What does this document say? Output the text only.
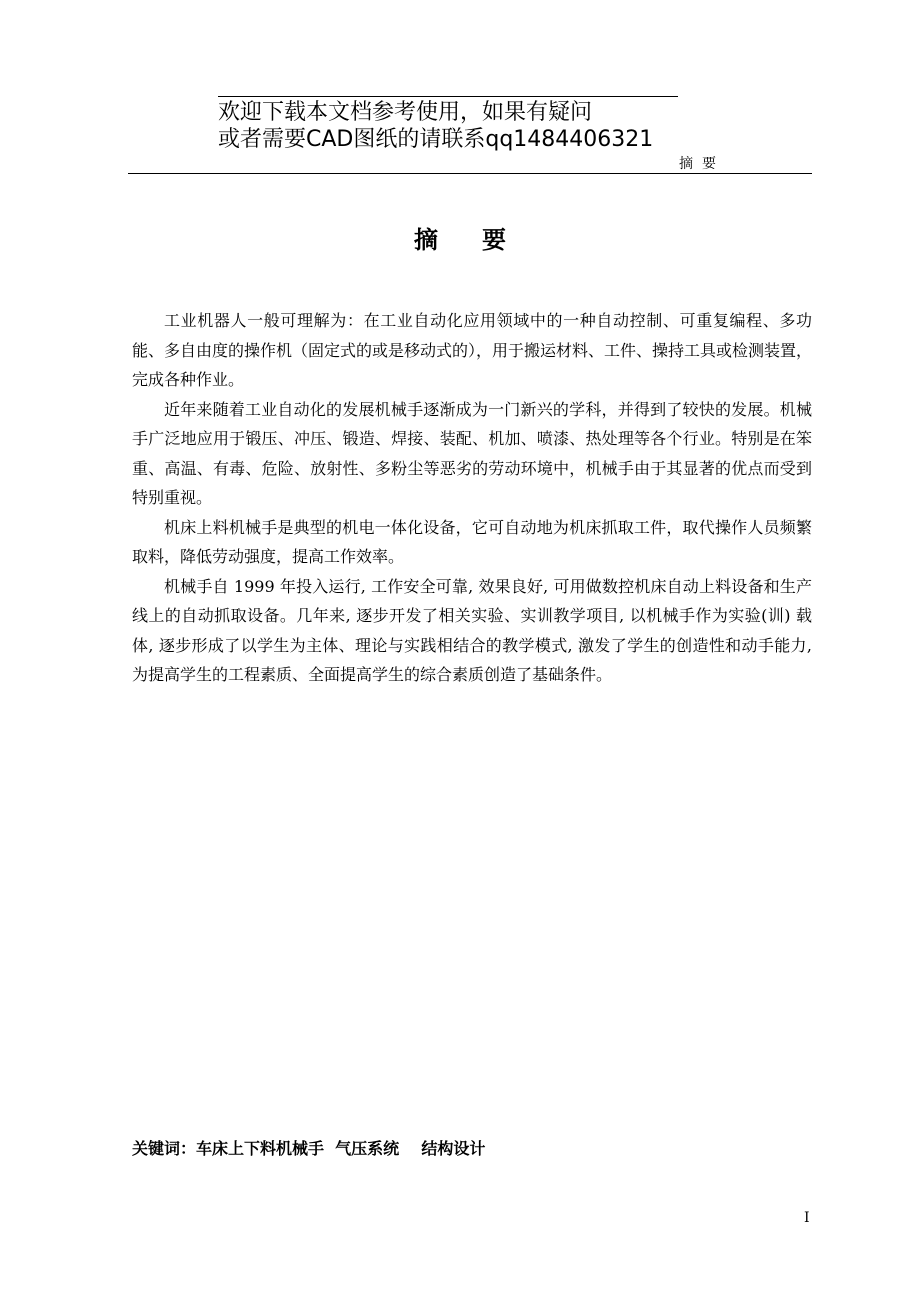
欢迎下载本文档参考使用，如果有疑问
或者需要CAD图纸的请联系qq1484406321
摘要
摘要

工业机器人一般可理解为：在工业自动化应用领域中的一种自动控制、可重复编程、多功能、多自由度的操作机（固定式的或是移动式的），用于搬运材料、工件、操持工具或检测装置，完成各种作业。

近年来随着工业自动化的发展机械手逐渐成为一门新兴的学科，并得到了较快的发展。机械手广泛地应用于锻压、冲压、锻造、焊接、装配、机加、喷漆、热处理等各个行业。特别是在笨重、高温、有毒、危险、放射性、多粉尘等恶劣的劳动环境中，机械手由于其显著的优点而受到特别重视。

机床上料机械手是典型的机电一体化设备，它可自动地为机床抓取工件，取代操作人员频繁取料，降低劳动强度，提高工作效率。

机械手自 1999 年投入运行, 工作安全可靠, 效果良好, 可用做数控机床自动上料设备和生产线上的自动抓取设备。几年来, 逐步开发了相关实验、实训教学项目, 以机械手作为实验(训) 载体, 逐步形成了以学生为主体、理论与实践相结合的教学模式, 激发了学生的创造性和动手能力, 为提高学生的工程素质、全面提高学生的综合素质创造了基础条件。

关键词：车床上下料机械手  气压系统    结构设计
I
